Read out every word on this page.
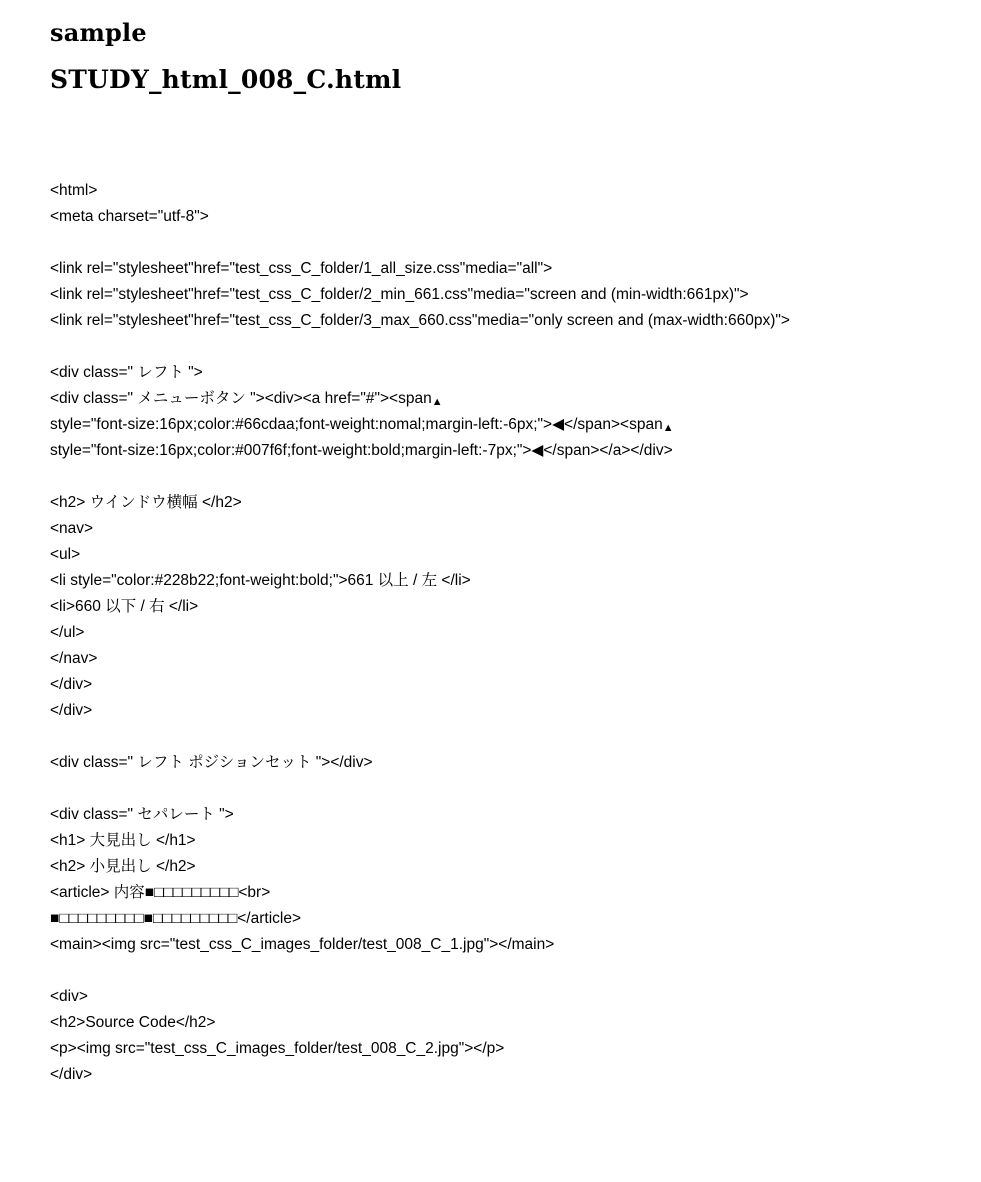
sample
STUDY_html_008_C.html
<html>
<meta charset="utf-8">
<link rel="stylesheet"href="test_css_C_folder/1_all_size.css"media="all">
<link rel="stylesheet"href="test_css_C_folder/2_min_661.css"media="screen and (min-width:661px)">
<link rel="stylesheet"href="test_css_C_folder/3_max_660.css"media="only screen and (max-width:660px)">
<div class=" レフト ">
<div class=" メニューボタン "><div><a href="#"><span▲
style="font-size:16px;color:#66cdaa;font-weight:nomal;margin-left:-6px;">◀</span><span▲
style="font-size:16px;color:#007f6f;font-weight:bold;margin-left:-7px;">◀</span></a></div>
<h2> ウインドウ横幅 </h2>
<nav>
<ul>
<li style="color:#228b22;font-weight:bold;">661 以上 / 左 </li>
<li>660 以下 / 右 </li>
</ul>
</nav>
</div>
</div>
<div class=" レフト ポジションセット "></div>
<div class=" セパレート ">
<h1> 大見出し </h1>
<h2> 小見出し </h2>
<article> 内容■□□□□□□□□□<br>
■□□□□□□□□□■□□□□□□□□□</article>
<main><img src="test_css_C_images_folder/test_008_C_1.jpg"></main>
<div>
<h2>Source Code</h2>
<p><img src="test_css_C_images_folder/test_008_C_2.jpg"></p>
</div>
